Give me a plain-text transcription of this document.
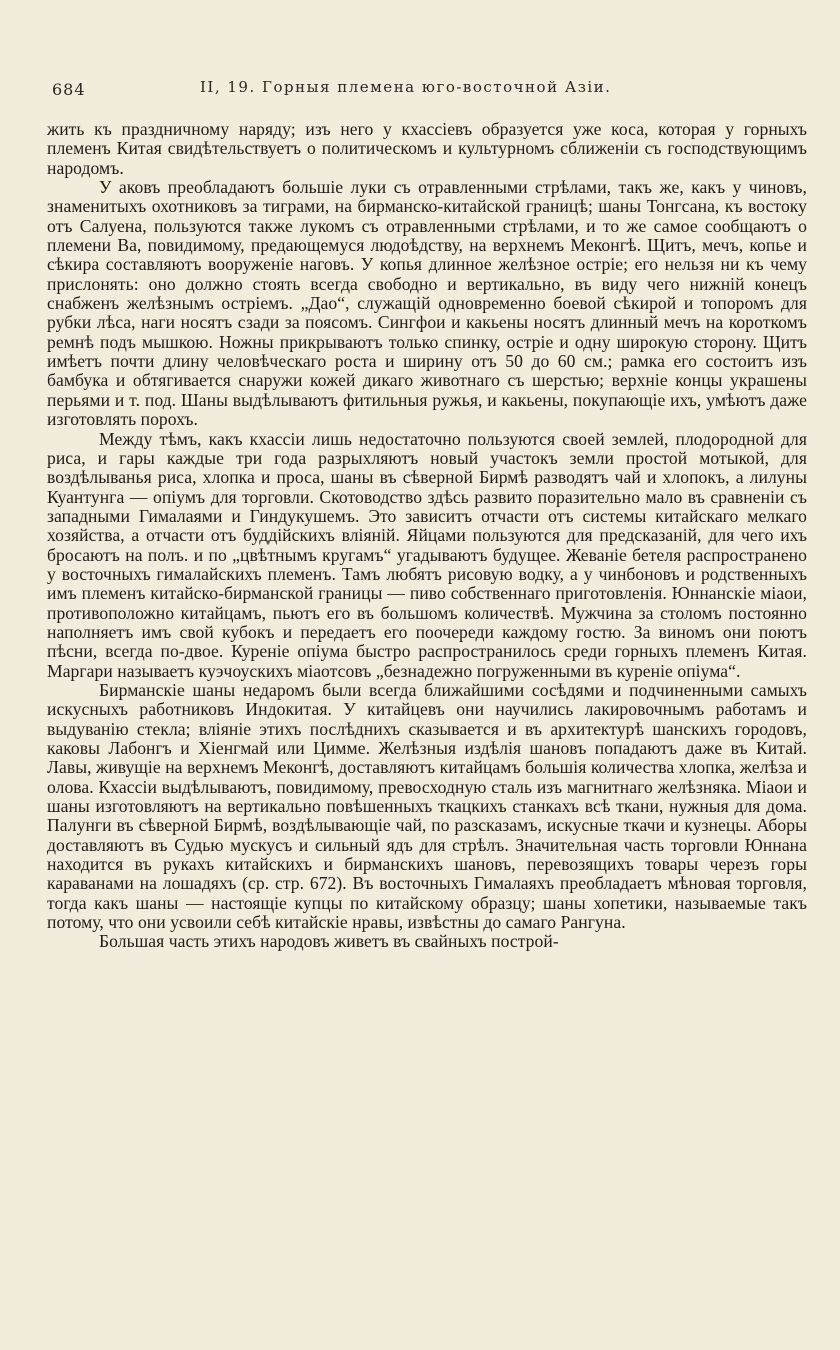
684	II, 19. Горныя племена юго-восточной Азіи.

жить къ праздничному наряду; изъ него у кхассіевъ образуется уже коса, которая у горныхъ племенъ Китая свидѣтельствуетъ о политическомъ и культурномъ сближеніи съ господствующимъ народомъ.

У аковъ преобладаютъ большіе луки съ отравленными стрѣлами, такъ же, какъ у чиновъ, знаменитыхъ охотниковъ за тиграми, на бирманско-китайской границѣ; шаны Тонгсана, къ востоку отъ Салуена, пользуются также лукомъ съ отравленными стрѣлами, и то же самое сообщаютъ о племени Ва, повидимому, предающемуся людоѣдству, на верхнемъ Меконгѣ. Щитъ, мечъ, копье и сѣкира составляютъ вооруженіе наговъ. У копья длинное желѣзное остріе; его нельзя ни къ чему прислонять: оно должно стоять всегда свободно и вертикально, въ виду чего нижній конецъ снабженъ желѣзнымъ остріемъ. „Дао“, служащій одновременно боевой сѣкирой и топоромъ для рубки лѣса, наги носятъ сзади за поясомъ. Сингфои и какьены носятъ длинный мечъ на короткомъ ремнѣ подъ мышкою. Ножны прикрываютъ только спинку, остріе и одну широкую сторону. Щитъ имѣетъ почти длину человѣческаго роста и ширину отъ 50 до 60 см.; рамка его состоитъ изъ бамбука и обтягивается снаружи кожей дикаго животнаго съ шерстью; верхніе концы украшены перьями и т. под. Шаны выдѣлываютъ фитильныя ружья, и какьены, покупающіе ихъ, умѣютъ даже изготовлять порохъ.

Между тѣмъ, какъ кхассіи лишь недостаточно пользуются своей землей, плодородной для риса, и гары каждые три года разрыхляютъ новый участокъ земли простой мотыкой, для воздѣлыванья риса, хлопка и проса, шаны въ сѣверной Бирмѣ разводятъ чай и хлопокъ, а лилуны Куантунга — опіумъ для торговли. Скотоводство здѣсь развито поразительно мало въ сравненіи съ западными Гималаями и Гиндукушемъ. Это зависитъ отчасти отъ системы китайскаго мелкаго хозяйства, а отчасти отъ буддійскихъ вліяній. Яйцами пользуются для предсказаній, для чего ихъ бросаютъ на полъ. и по „цвѣтнымъ кругамъ“ угадываютъ будущее. Жеваніе бетеля распространено у восточныхъ гималайскихъ племенъ. Тамъ любятъ рисовую водку, а у чинбоновъ и родственныхъ имъ племенъ китайско-бирманской границы — пиво собственнаго приготовленія. Юннанскіе міаои, противоположно китайцамъ, пьютъ его въ большомъ количествѣ. Мужчина за столомъ постоянно наполняетъ имъ свой кубокъ и передаетъ его поочереди каждому гостю. За виномъ они поютъ пѣсни, всегда по-двое. Куреніе опіума быстро распространилось среди горныхъ племенъ Китая. Маргари называетъ куэчоускихъ міаотсовъ „безнадежно погруженными въ куреніе опіума“.

Бирманскіе шаны недаромъ были всегда ближайшими сосѣдями и подчиненными самыхъ искусныхъ работниковъ Индокитая. У китайцевъ они научились лакировочнымъ работамъ и выдуванію стекла; вліяніе этихъ послѣднихъ сказывается и въ архитектурѣ шанскихъ городовъ, каковы Лабонгъ и Хіенгмай или Цимме. Желѣзныя издѣлія шановъ попадаютъ даже въ Китай. Лавы, живущіе на верхнемъ Меконгѣ, доставляютъ китайцамъ большія количества хлопка, желѣза и олова. Кхассіи выдѣлываютъ, повидимому, превосходную сталь изъ магнитнаго желѣзняка. Міаои и шаны изготовляютъ на вертикально повѣшенныхъ ткацкихъ станкахъ всѣ ткани, нужныя для дома. Палунги въ сѣверной Бирмѣ, воздѣлывающіе чай, по разсказамъ, искусные ткачи и кузнецы. Аборы доставляютъ въ Судью мускусъ и сильный ядъ для стрѣлъ. Значительная часть торговли Юннана находится въ рукахъ китайскихъ и бирманскихъ шановъ, перевозящихъ товары черезъ горы караванами на лошадяхъ (ср. стр. 672). Въ восточныхъ Гималаяхъ преобладаетъ мѣновая торговля, тогда какъ шаны — настоящіе купцы по китайскому образцу; шаны хопетики, называемые такъ потому, что они усвоили себѣ китайскіе нравы, извѣстны до самаго Рангуна.

Большая часть этихъ народовъ живетъ въ свайныхъ построй-
